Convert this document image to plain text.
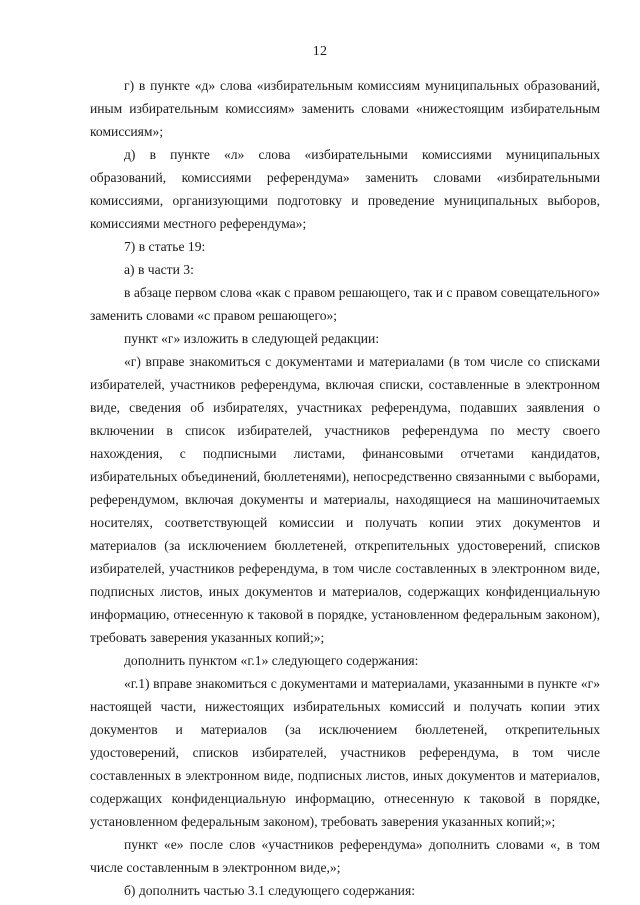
12

г) в пункте «д» слова «избирательным комиссиям муниципальных образований, иным избирательным комиссиям» заменить словами «нижестоящим избирательным комиссиям»;

д) в пункте «л» слова «избирательными комиссиями муниципальных образований, комиссиями референдума» заменить словами «избирательными комиссиями, организующими подготовку и проведение муниципальных выборов, комиссиями местного референдума»;

7) в статье 19:

а) в части 3:

в абзаце первом слова «как с правом решающего, так и с правом совещательного» заменить словами «с правом решающего»;

пункт «г» изложить в следующей редакции:

«г) вправе знакомиться с документами и материалами (в том числе со списками избирателей, участников референдума, включая списки, составленные в электронном виде, сведения об избирателях, участниках референдума, подавших заявления о включении в список избирателей, участников референдума по месту своего нахождения, с подписными листами, финансовыми отчетами кандидатов, избирательных объединений, бюллетенями), непосредственно связанными с выборами, референдумом, включая документы и материалы, находящиеся на машиночитаемых носителях, соответствующей комиссии и получать копии этих документов и материалов (за исключением бюллетеней, открепительных удостоверений, списков избирателей, участников референдума, в том числе составленных в электронном виде, подписных листов, иных документов и материалов, содержащих конфиденциальную информацию, отнесенную к таковой в порядке, установленном федеральным законом), требовать заверения указанных копий;»;

дополнить пунктом «г.1» следующего содержания:

«г.1) вправе знакомиться с документами и материалами, указанными в пункте «г» настоящей части, нижестоящих избирательных комиссий и получать копии этих документов и материалов (за исключением бюллетеней, открепительных удостоверений, списков избирателей, участников референдума, в том числе составленных в электронном виде, подписных листов, иных документов и материалов, содержащих конфиденциальную информацию, отнесенную к таковой в порядке, установленном федеральным законом), требовать заверения указанных копий;»;

пункт «е» после слов «участников референдума» дополнить словами «, в том числе составленным в электронном виде,»;

б) дополнить частью 3.1 следующего содержания:
